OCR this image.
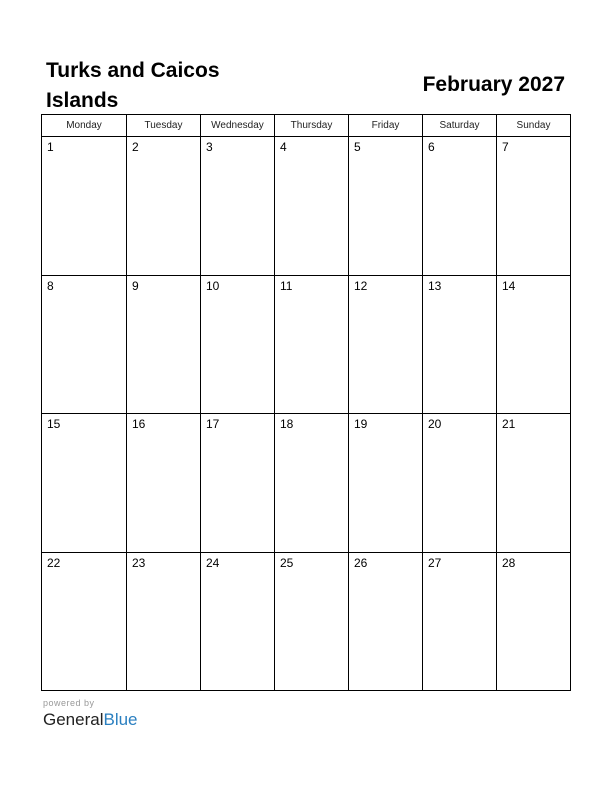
Turks and Caicos Islands
February 2027
Monday	Tuesday	Wednesday	Thursday	Friday	Saturday	Sunday

1	2	3	4	5	6	7

8	9	10	11	12	13	14

15	16	17	18	19	20	21

22	23	24	25	26	27	28
powered by
GeneralBlue
